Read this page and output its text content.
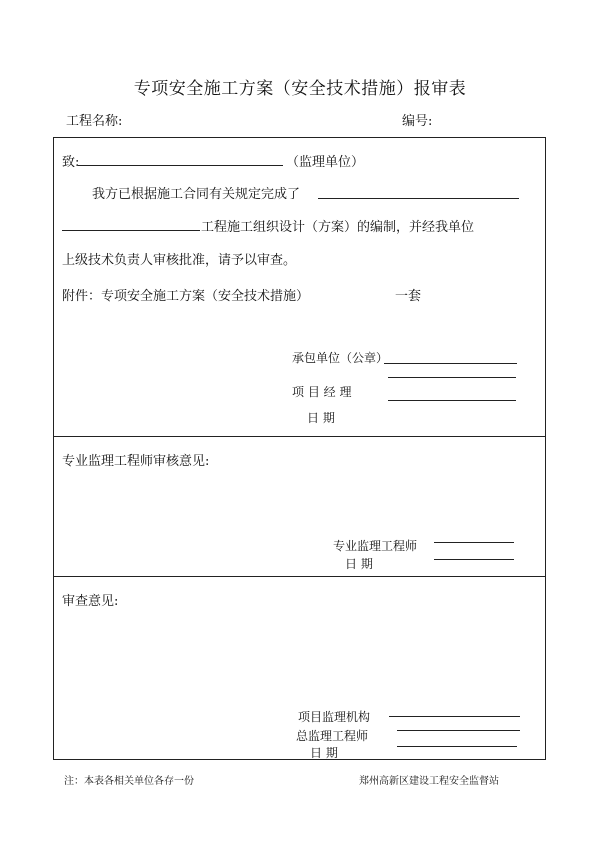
专项安全施工方案（安全技术措施）报审表
工程名称:	编号:
致:	（监理单位）
我方已根据施工合同有关规定完成了
工程施工组织设计（方案）的编制，并经我单位
上级技术负责人审核批准，请予以审查。
附件：专项安全施工方案（安全技术措施）	一套
承包单位（公章）
项 目 经 理
日 期
专业监理工程师审核意见:
专业监理工程师
日 期
审查意见:
项目监理机构
总监理工程师
日 期
注：本表各相关单位各存一份	郑州高新区建设工程安全监督站
